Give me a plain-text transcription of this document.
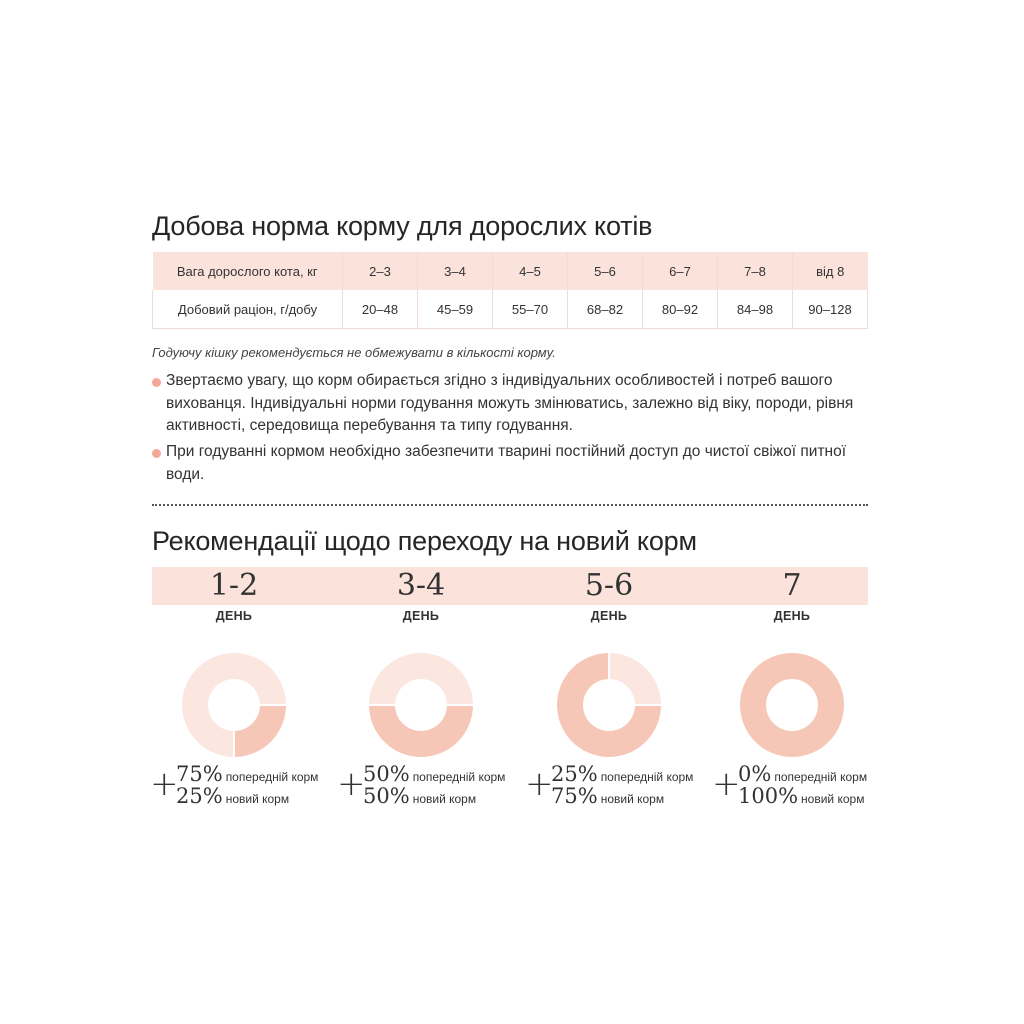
Добова норма корму для дорослих котів
Вага дорослого кота, кг	2–3	3–4	4–5	5–6	6–7	7–8	від 8
Добовий раціон, г/добу	20–48	45–59	55–70	68–82	80–92	84–98	90–128
Годуючу кішку рекомендується не обмежувати в кількості корму.
Звертаємо увагу, що корм обирається згідно з індивідуальних особливостей і потреб вашого вихованця. Індивідуальні норми годування можуть змінюватись, залежно від віку, породи, рівня активності, середовища перебування та типу годування.
При годуванні кормом необхідно забезпечити тварині постійний доступ до чистої свіжої питної води.
Рекомендації щодо переходу на новий корм
1-2
ДЕНЬ
+
75% попередній корм
25% новий корм
3-4
ДЕНЬ
+
50% попередній корм
50% новий корм
5-6
ДЕНЬ
+
25% попередній корм
75% новий корм
7
ДЕНЬ
+
0% попередній корм
100% новий корм
